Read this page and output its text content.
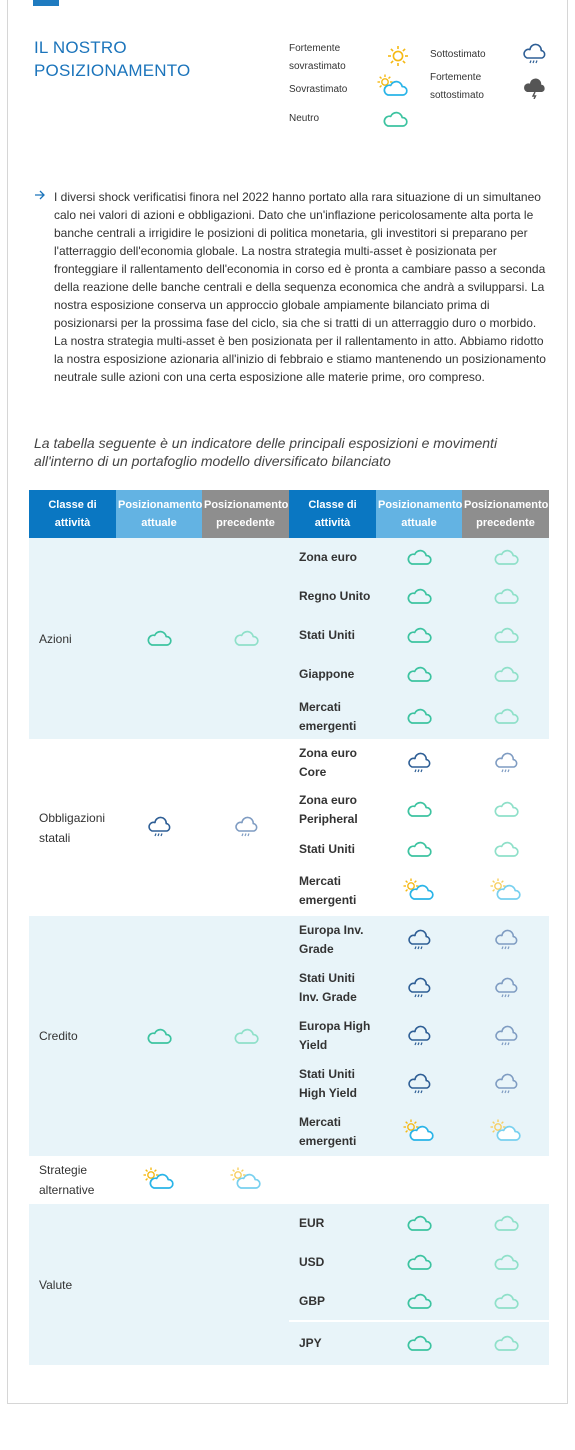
IL NOSTRO POSIZIONAMENTO
Fortemente sovrastimato
Sovrastimato
Neutro
Sottostimato
Fortemente sottostimato
I diversi shock verificatisi finora nel 2022 hanno portato alla rara situazione di un simultaneo calo nei valori di azioni e obbligazioni. Dato che un'inflazione pericolosamente alta porta le banche centrali a irrigidire le posizioni di politica monetaria, gli investitori si preparano per l'atterraggio dell'economia globale. La nostra strategia multi-asset è posizionata per fronteggiare il rallentamento dell'economia in corso ed è pronta a cambiare passo a seconda della reazione delle banche centrali e della sequenza economica che andrà a svilupparsi. La nostra esposizione conserva un approccio globale ampiamente bilanciato prima di posizionarsi per la prossima fase del ciclo, sia che si tratti di un atterraggio duro o morbido. La nostra strategia multi-asset è ben posizionata per il rallentamento in atto. Abbiamo ridotto la nostra esposizione azionaria all'inizio di febbraio e stiamo mantenendo un posizionamento neutrale sulle azioni con una certa esposizione alle materie prime, oro compreso.
La tabella seguente è un indicatore delle principali esposizioni e movimenti all'interno di un portafoglio modello diversificato bilanciato
Classe di attività	Posizionamento attuale	Posizionamento precedente	Classe di attività	Posizionamento attuale	Posizionamento precedente
Azioni			Zona euro		
			Regno Unito		
			Stati Uniti		
			Giappone		
			Mercati emergenti		
Obbligazioni statali			Zona euro Core		
			Zona euro Peripheral		
			Stati Uniti		
			Mercati emergenti		
Credito			Europa Inv. Grade		
			Stati Uniti Inv. Grade		
			Europa High Yield		
			Stati Uniti High Yield		
			Mercati emergenti		
Strategie alternative					
Valute			EUR		
			USD		
			GBP		
			JPY		
